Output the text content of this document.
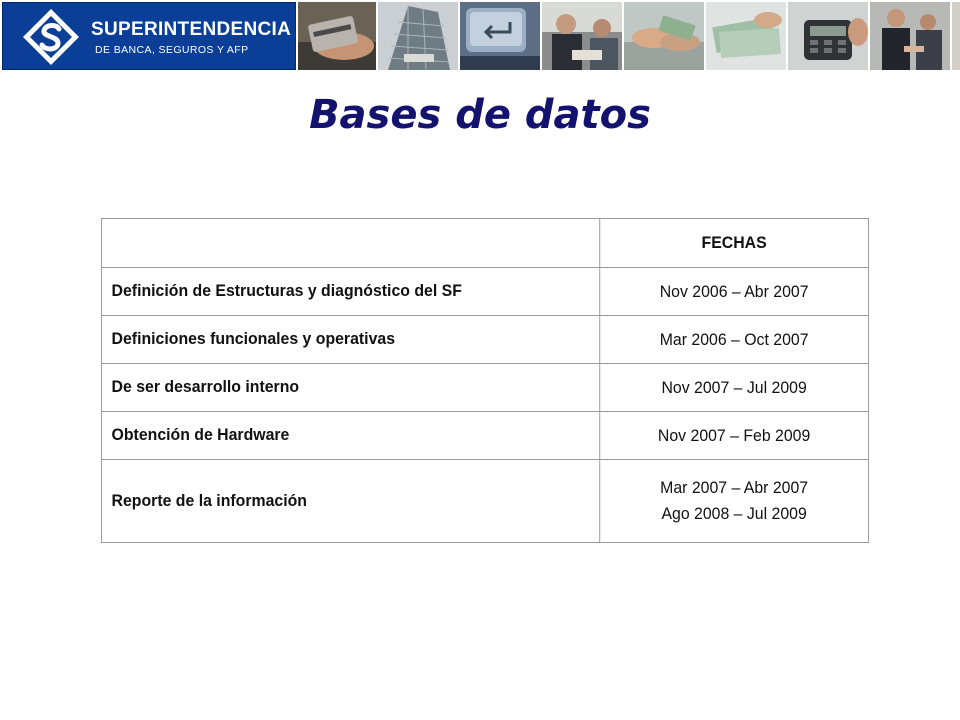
SUPERINTENDENCIA
DE BANCA, SEGUROS Y AFP
Bases de datos
	FECHAS
Definición de Estructuras y diagnóstico del SF	Nov 2006 – Abr 2007

Definiciones funcionales y operativas	Mar 2006 – Oct 2007

De ser desarrollo interno	Nov 2007 – Jul 2009

Obtención de Hardware	Nov 2007 – Feb 2009

Reporte de la información	Mar 2007 – Abr 2007
Ago 2008 – Jul 2009
